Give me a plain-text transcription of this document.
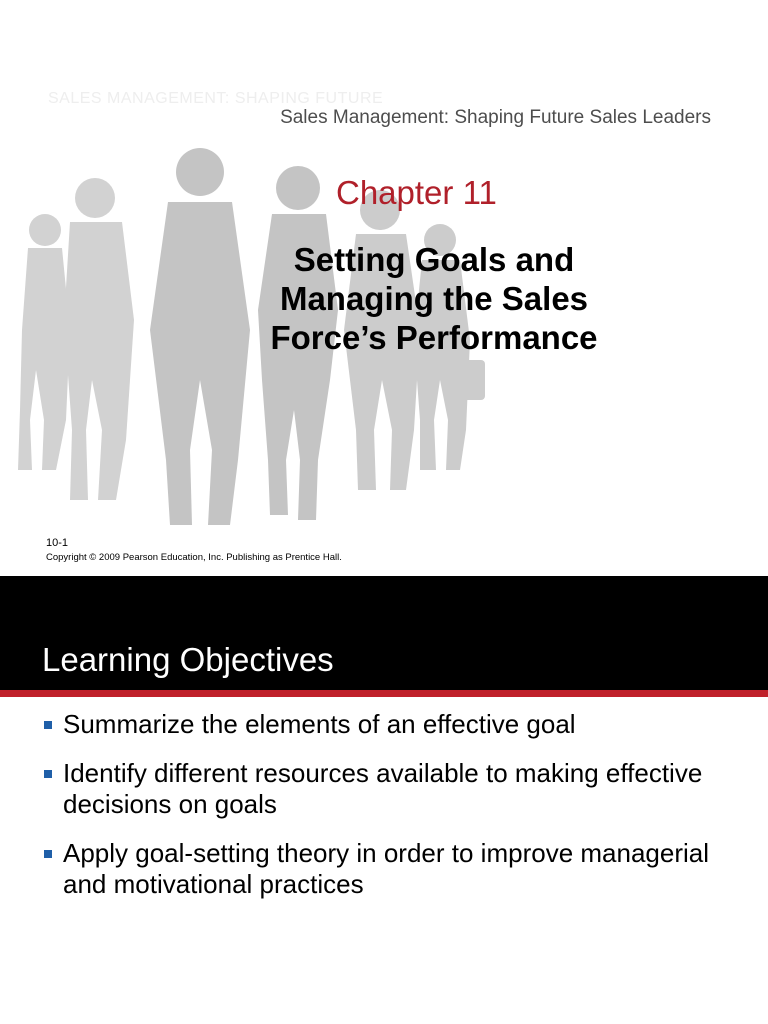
SALES MANAGEMENT: SHAPING FUTURE
Sales Management: Shaping Future Sales Leaders
Chapter 11
Setting Goals and
Managing the Sales
Force’s Performance
10-1
Copyright © 2009 Pearson Education, Inc. Publishing as Prentice Hall.
Learning Objectives
Summarize the elements of an effective goal
Identify different resources available to making effective decisions on goals
Apply goal-setting theory in order to improve managerial and motivational practices
